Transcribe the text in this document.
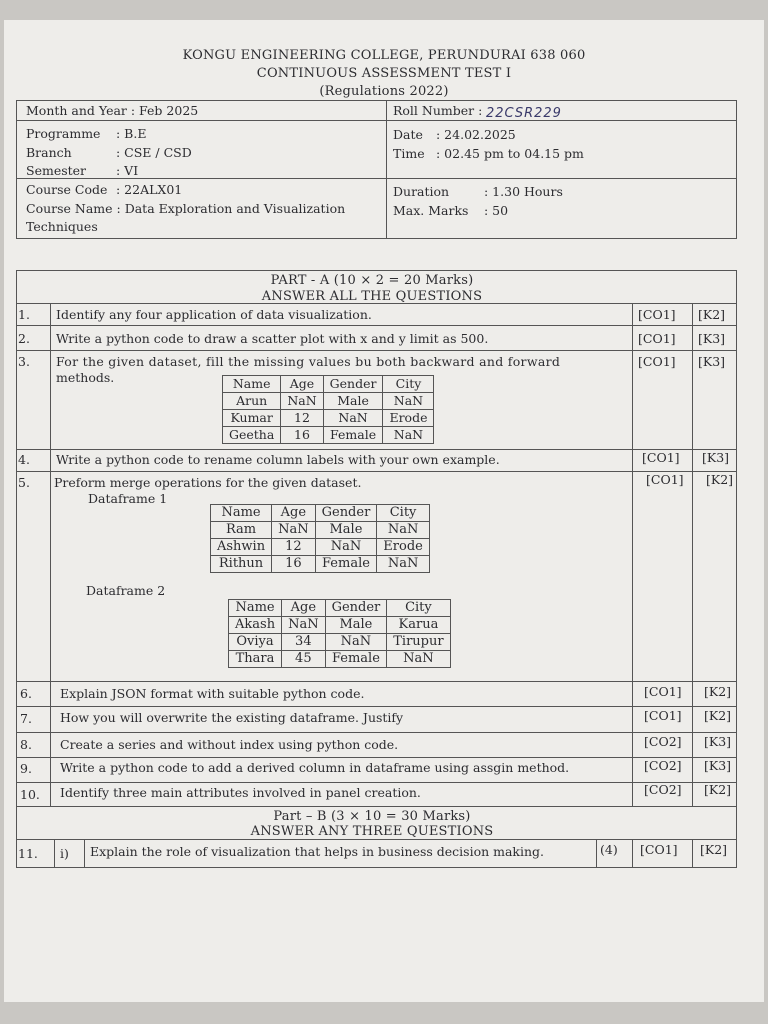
KONGU ENGINEERING COLLEGE, PERUNDURAI 638 060
CONTINUOUS ASSESSMENT TEST I
(Regulations 2022)
Month and Year : Feb 2025	Roll Number : 22CSR229
Programme : B.E
Branch	: CSE / CSD
Semester : VI
Date : 24.02.2025
Time : 02.45 pm to 04.15 pm
Course Code : 22ALX01
Course Name : Data Exploration and Visualization
Techniques
Duration	: 1.30 Hours
Max. Marks : 50
PART - A (10 × 2 = 20 Marks)
ANSWER ALL THE QUESTIONS
1. Identify any four application of data visualization.	[CO1] [K2]
2. Write a python code to draw a scatter plot with x and y limit as 500.	[CO1] [K3]
3. For the given dataset, fill the missing values bu both backward and forward
methods.
[CO1] [K3]
Name	Age	Gender	City
Arun	NaN	Male	NaN
Kumar	12	NaN	Erode
Geetha	16	Female	NaN
4. Write a python code to rename column labels with your own example.	[CO1] [K3]
5. Preform merge operations for the given dataset.	[CO1] [K2]
Dataframe 1
Name	Age	Gender	City
Ram	NaN	Male	NaN
Ashwin	12	NaN	Erode
Rithun	16	Female	NaN
Dataframe 2
Name	Age	Gender	City
Akash	NaN	Male	Karua
Oviya	34	NaN	Tirupur
Thara	45	Female	NaN
6. Explain JSON format with suitable python code.	[CO1] [K2]
7. How you will overwrite the existing dataframe. Justify	[CO1] [K2]
8. Create a series and without index using python code.	[CO2] [K3]
9. Write a python code to add a derived column in dataframe using assgin method.	[CO2] [K3]
10. Identify three main attributes involved in panel creation.	[CO2] [K2]
Part – B (3 × 10 = 30 Marks)
ANSWER ANY THREE QUESTIONS
11. i) Explain the role of visualization that helps in business decision making.	(4) [CO1] [K2]
